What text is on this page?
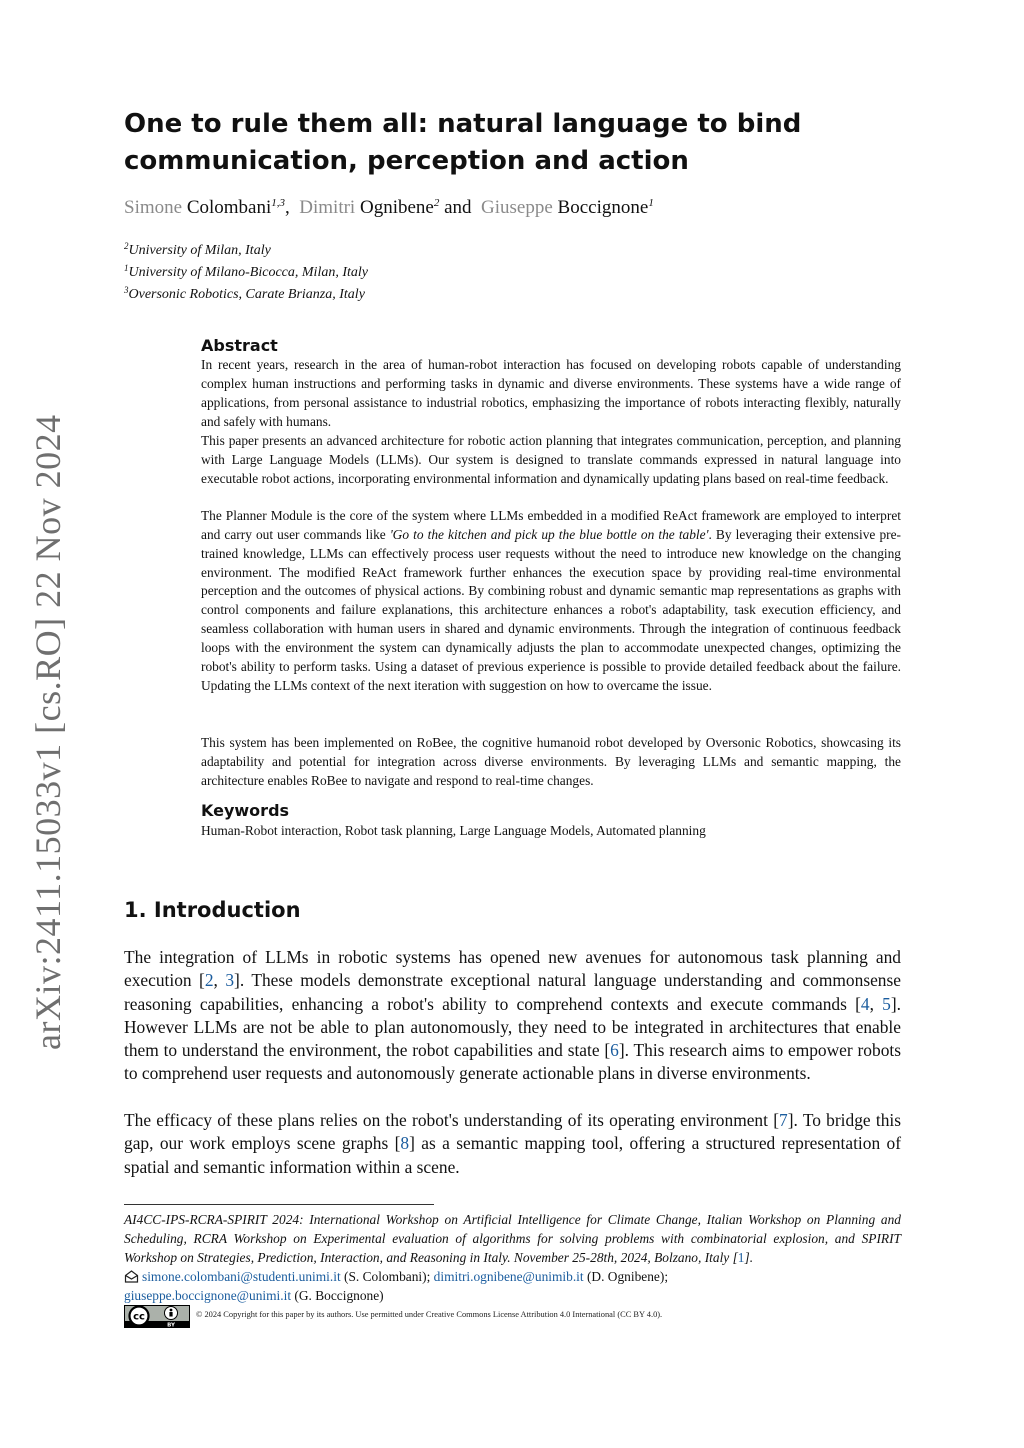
arXiv:2411.15033v1 [cs.RO] 22 Nov 2024
One to rule them all: natural language to bind communication, perception and action
Simone Colombani$^{1,3}$,  Dimitri Ognibene$^2$ and  Giuseppe Boccignone$^1$
$^2$University of Milan, Italy
$^1$University of Milano-Bicocca, Milan, Italy
$^3$Oversonic Robotics, Carate Brianza, Italy
Abstract

In recent years, research in the area of human-robot interaction has focused on developing robots capable of understanding complex human instructions and performing tasks in dynamic and diverse environments. These systems have a wide range of applications, from personal assistance to industrial robotics, emphasizing the importance of robots interacting flexibly, naturally and safely with humans.

This paper presents an advanced architecture for robotic action planning that integrates communication, perception, and planning with Large Language Models (LLMs). Our system is designed to translate commands expressed in natural language into executable robot actions, incorporating environmental information and dynamically updating plans based on real-time feedback.

The Planner Module is the core of the system where LLMs embedded in a modified ReAct framework are employed to interpret and carry out user commands like 'Go to the kitchen and pick up the blue bottle on the table'. By leveraging their extensive pre-trained knowledge, LLMs can effectively process user requests without the need to introduce new knowledge on the changing environment. The modified ReAct framework further enhances the execution space by providing real-time environmental perception and the outcomes of physical actions. By combining robust and dynamic semantic map representations as graphs with control components and failure explanations, this architecture enhances a robot's adaptability, task execution efficiency, and seamless collaboration with human users in shared and dynamic environments. Through the integration of continuous feedback loops with the environment the system can dynamically adjusts the plan to accommodate unexpected changes, optimizing the robot's ability to perform tasks. Using a dataset of previous experience is possible to provide detailed feedback about the failure. Updating the LLMs context of the next iteration with suggestion on how to overcame the issue.

This system has been implemented on RoBee, the cognitive humanoid robot developed by Oversonic Robotics, showcasing its adaptability and potential for integration across diverse environments. By leveraging LLMs and semantic mapping, the architecture enables RoBee to navigate and respond to real-time changes.

Keywords

Human-Robot interaction, Robot task planning, Large Language Models, Automated planning

1. Introduction

The integration of LLMs in robotic systems has opened new avenues for autonomous task planning and execution [2, 3]. These models demonstrate exceptional natural language understanding and commonsense reasoning capabilities, enhancing a robot's ability to comprehend contexts and execute commands [4, 5]. However LLMs are not be able to plan autonomously, they need to be integrated in architectures that enable them to understand the environment, the robot capabilities and state [6]. This research aims to empower robots to comprehend user requests and autonomously generate actionable plans in diverse environments.

The efficacy of these plans relies on the robot's understanding of its operating environment [7]. To bridge this gap, our work employs scene graphs [8] as a semantic mapping tool, offering a structured representation of spatial and semantic information within a scene.

AI4CC-IPS-RCRA-SPIRIT 2024: International Workshop on Artificial Intelligence for Climate Change, Italian Workshop on Planning and Scheduling, RCRA Workshop on Experimental evaluation of algorithms for solving problems with combinatorial explosion, and SPIRIT Workshop on Strategies, Prediction, Interaction, and Reasoning in Italy. November 25-28th, 2024, Bolzano, Italy [1].

simone.colombani@studenti.unimi.it (S. Colombani); dimitri.ognibene@unimib.it (D. Ognibene);
giuseppe.boccignone@unimi.it (G. Boccignone)
cc
BY
© 2024 Copyright for this paper by its authors. Use permitted under Creative Commons License Attribution 4.0 International (CC BY 4.0).
